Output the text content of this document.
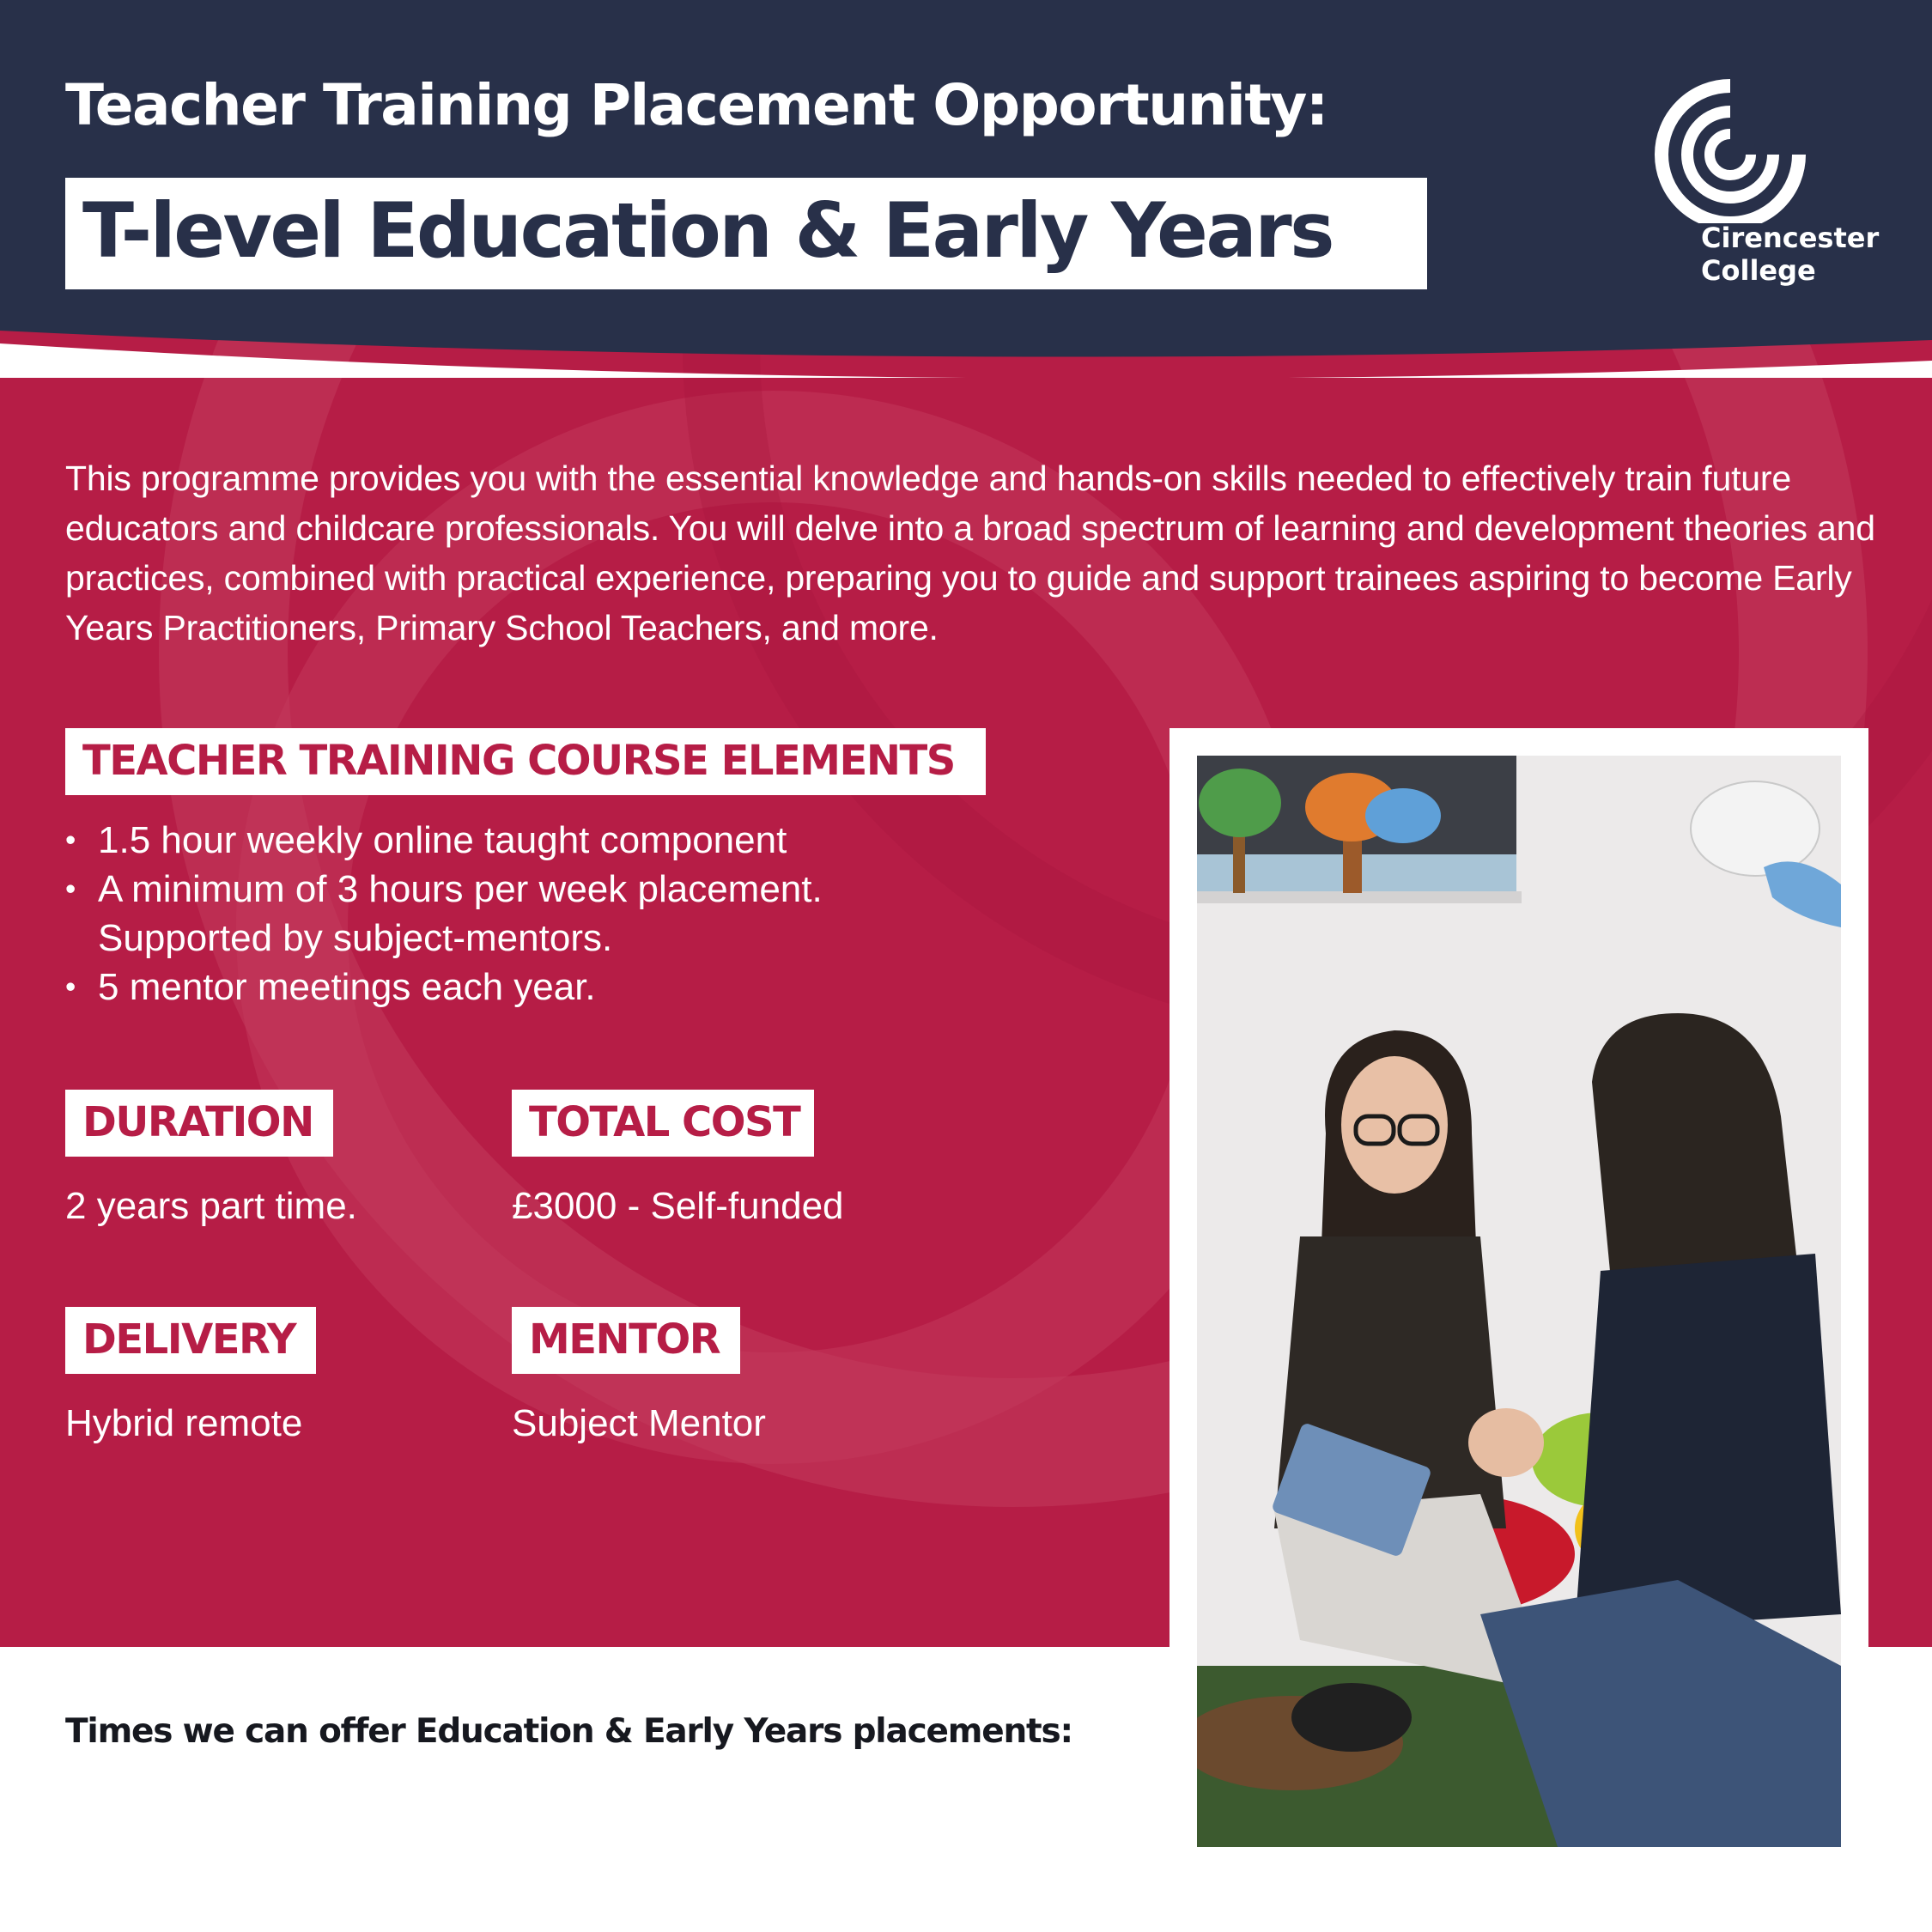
Teacher Training Placement Opportunity:
T-level Education & Early Years	Cirencester
College

This programme provides you with the essential knowledge and hands-on skills needed to effectively train future educators and childcare professionals. You will delve into a broad spectrum of learning and development theories and practices, combined with practical experience, preparing you to guide and support trainees aspiring to become Early Years Practitioners, Primary School Teachers, and more.

TEACHER TRAINING COURSE ELEMENTS
• 1.5 hour weekly online taught component
• A minimum of 3 hours per week placement.
Supported by subject-mentors.
• 5 mentor meetings each year.
DURATION

2 years part time.

TOTAL COST

£3000 - Self-funded

DELIVERY

Hybrid remote

MENTOR

Subject Mentor

Times we can offer Education & Early Years placements:
• Wednesdays 10:40am - 12:10pm or 12:50pm - 14:20pm
• Thursdays 10:40am - 12:10pm or 12:50pm - 14:20pm
